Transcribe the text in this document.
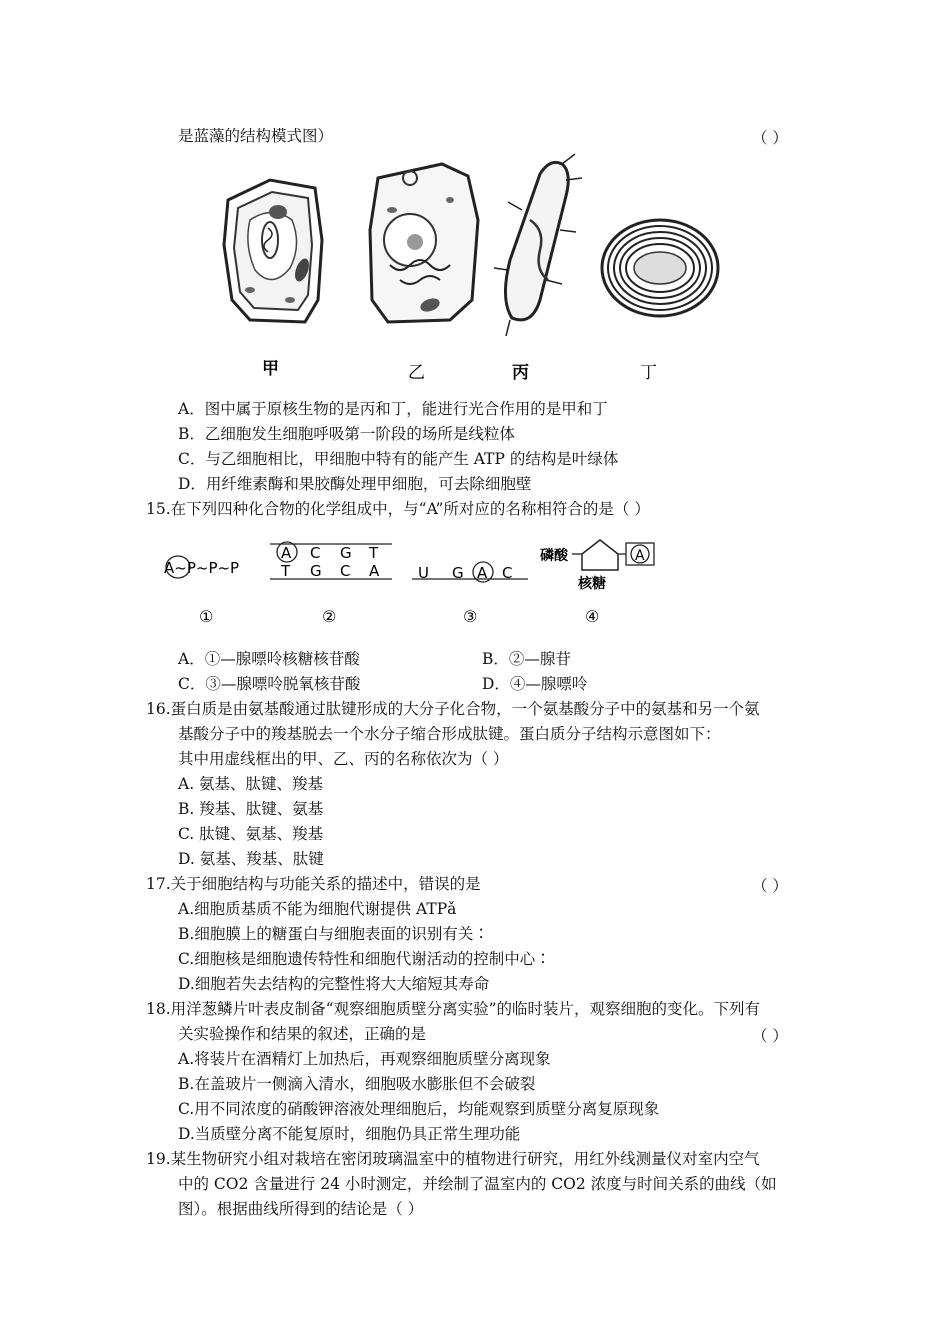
是蓝藻的结构模式图）	（ ）
甲	乙	丙	丁
A．图中属于原核生物的是丙和丁，能进行光合作用的是甲和丁
B．乙细胞发生细胞呼吸第一阶段的场所是线粒体
C．与乙细胞相比，甲细胞中特有的能产生 ATP 的结构是叶绿体
D．用纤维素酶和果胶酶处理甲细胞，可去除细胞壁
15.在下列四种化合物的化学组成中，与“A”所对应的名称相符合的是（ ）
A~P~P~P
A C G T
T G C A	U G A C
磷酸	A
核糖
①	②	③	④
A．①—腺嘌呤核糖核苷酸	B．②—腺苷
C．③—腺嘌呤脱氧核苷酸	D．④—腺嘌呤
16.蛋白质是由氨基酸通过肽键形成的大分子化合物，一个氨基酸分子中的氨基和另一个氨
基酸分子中的羧基脱去一个水分子缩合形成肽键。蛋白质分子结构示意图如下：
其中用虚线框出的甲、乙、丙的名称依次为（ ）
A. 氨基、肽键、羧基
B. 羧基、肽键、氨基
C. 肽键、氨基、羧基
D. 氨基、羧基、肽键
17.关于细胞结构与功能关系的描述中，错误的是	（ ）
A.细胞质基质不能为细胞代谢提供 ATPǎ
B.细胞膜上的糖蛋白与细胞表面的识别有关∶
C.细胞核是细胞遗传特性和细胞代谢活动的控制中心∶
D.细胞若失去结构的完整性将大大缩短其寿命
18.用洋葱鳞片叶表皮制备“观察细胞质壁分离实验”的临时装片，观察细胞的变化。下列有
关实验操作和结果的叙述，正确的是	（ ）
A.将装片在酒精灯上加热后，再观察细胞质壁分离现象
B.在盖玻片一侧滴入清水，细胞吸水膨胀但不会破裂
C.用不同浓度的硝酸钾溶液处理细胞后，均能观察到质壁分离复原现象
D.当质壁分离不能复原时，细胞仍具正常生理功能
19.某生物研究小组对栽培在密闭玻璃温室中的植物进行研究，用红外线测量仪对室内空气
中的 CO2 含量进行 24 小时测定，并绘制了温室内的 CO2 浓度与时间关系的曲线（如
图）。根据曲线所得到的结论是（ ）
